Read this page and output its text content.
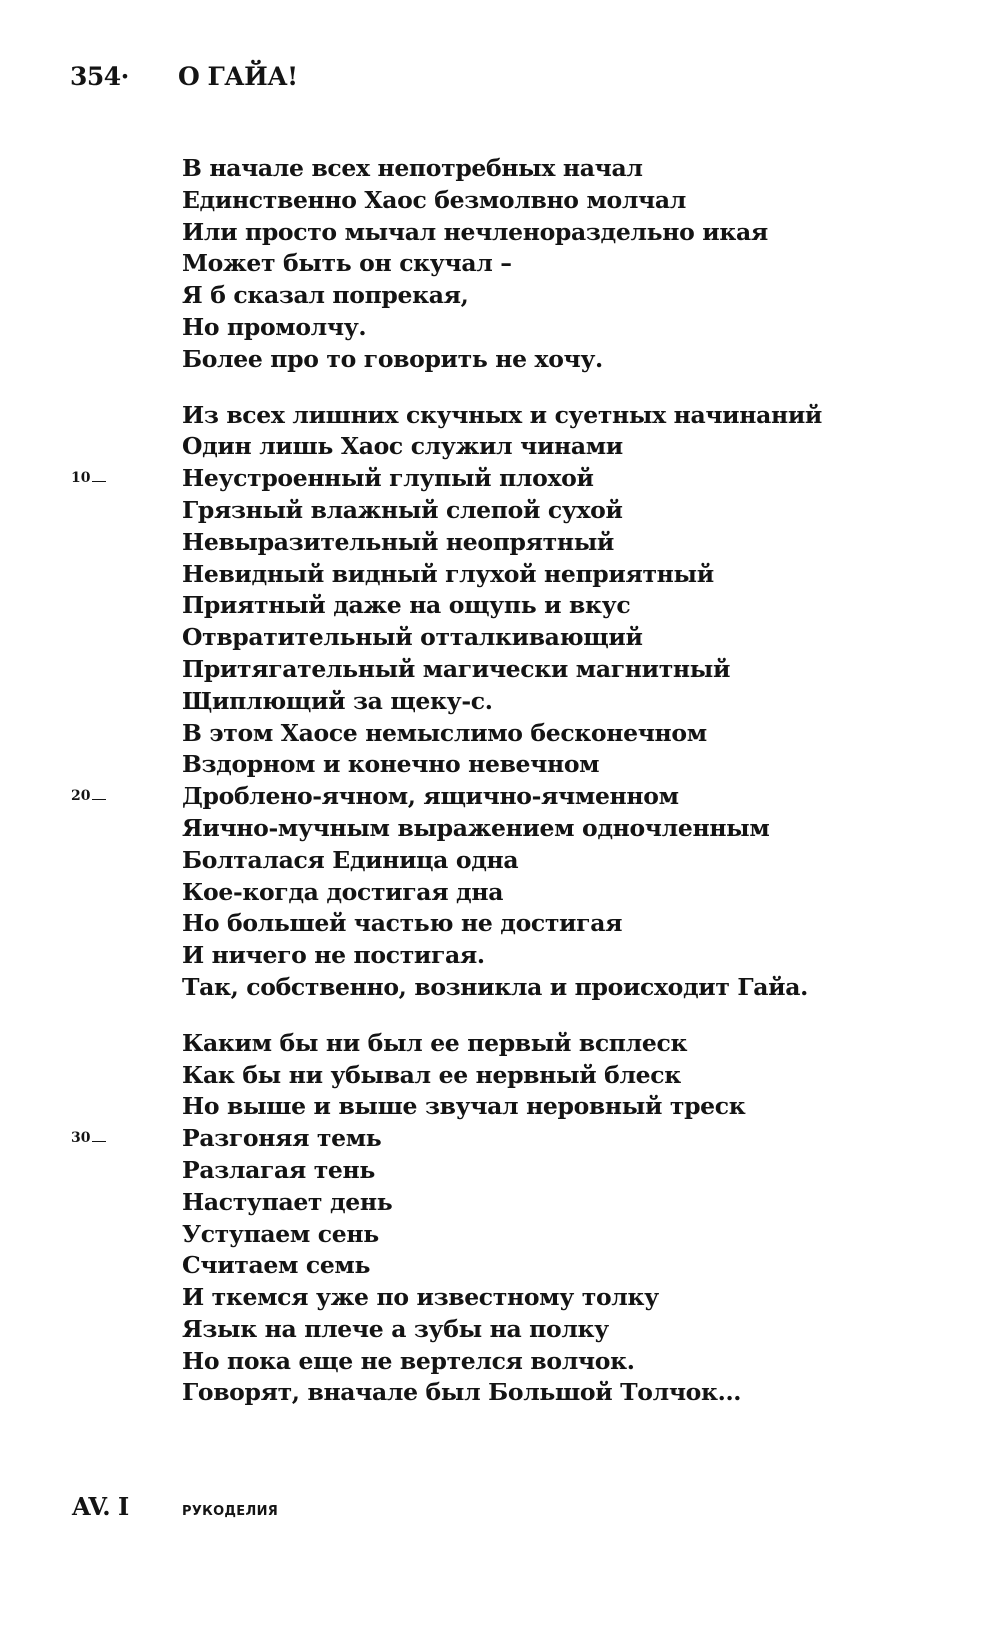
354·	О ГАЙА!
В начале всех непотребных начал
Единственно Хаос безмолвно молчал
Или просто мычал нечленораздельно икая
Может быть он скучал –
Я б сказал попрекая,
Но промолчу.
Более про то говорить не хочу.
Из всех лишних скучных и суетных начинаний
Один лишь Хаос служил чинами
10	Неустроенный глупый плохой
Грязный влажный слепой сухой
Невыразительный неопрятный
Невидный видный глухой неприятный
Приятный даже на ощупь и вкус
Отвратительный отталкивающий
Притягательный магически магнитный
Щиплющий за щеку-с.
В этом Хаосе немыслимо бесконечном
Вздорном и конечно невечном
20	Дроблено-ячном, ящично-ячменном
Яично-мучным выражением одночленным
Болталася Единица одна
Кое-когда достигая дна
Но большей частью не достигая
И ничего не постигая.
Так, собственно, возникла и происходит Гайа.
Каким бы ни был ее первый всплеск
Как бы ни убывал ее нервный блеск
Но выше и выше звучал неровный треск
30	Разгоняя темь
Разлагая тень
Наступает день
Уступаем сень
Считаем семь
И ткемся уже по известному толку
Язык на плече а зубы на полку
Но пока еще не вертелся волчок.
Говорят, вначале был Большой Толчок...
AV. I	РУКОДЕЛИЯ
